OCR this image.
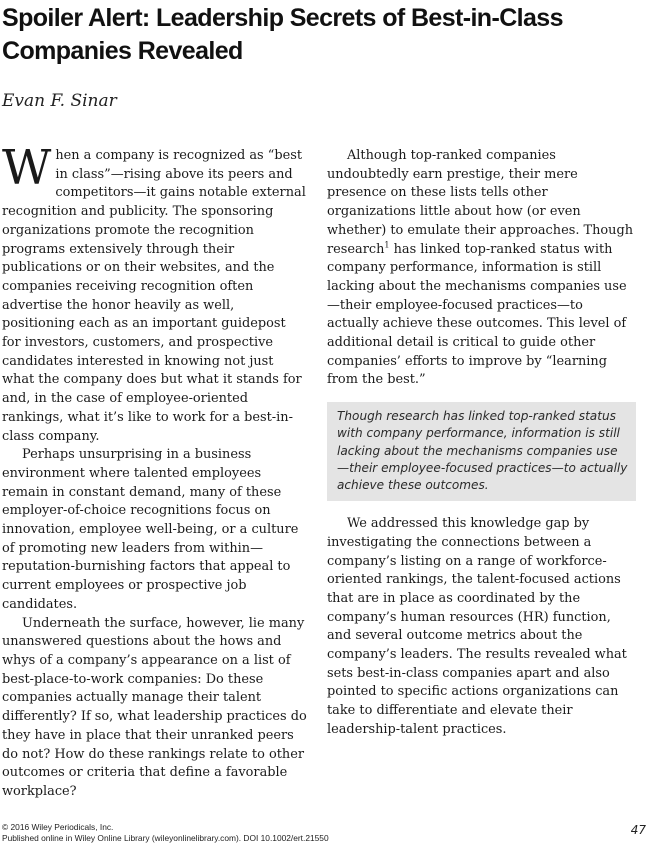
Spoiler Alert: Leadership Secrets of Best-in-Class
Companies Revealed
Evan F. Sinar

When a company is recognized as “best in class”—rising above its peers and competitors—it gains notable external recognition and publicity. The sponsoring organizations promote the recognition programs extensively through their publications or on their websites, and the companies receiving recognition often advertise the honor heavily as well, positioning each as an important guidepost for investors, customers, and prospective candidates interested in knowing not just what the company does but what it stands for and, in the case of employee-oriented rankings, what it’s like to work for a best-in-class company.

Perhaps unsurprising in a business environment where talented employees remain in constant demand, many of these employer-of-choice recognitions focus on innovation, employee well-being, or a culture of promoting new leaders from within—reputation-burnishing factors that appeal to current employees or prospective job candidates.

Underneath the surface, however, lie many unanswered questions about the hows and whys of a company’s appearance on a list of best-place-to-work companies: Do these companies actually manage their talent differently? If so, what leadership practices do they have in place that their unranked peers do not? How do these rankings relate to other outcomes or criteria that define a favorable workplace?

Although top-ranked companies undoubtedly earn prestige, their mere presence on these lists tells other organizations little about how (or even whether) to emulate their approaches. Though research$^1$ has linked top-ranked status with company performance, information is still lacking about the mechanisms companies use—their employee-focused practices—to actually achieve these outcomes. This level of additional detail is critical to guide other companies’ efforts to improve by “learning from the best.”

Though research has linked top-ranked status with company performance, information is still lacking about the mechanisms companies use—their employee-focused practices—to actually achieve these outcomes.

We addressed this knowledge gap by investigating the connections between a company’s listing on a range of workforce-oriented rankings, the talent-focused actions that are in place as coordinated by the company’s human resources (HR) function, and several outcome metrics about the company’s leaders. The results revealed what sets best-in-class companies apart and also pointed to specific actions organizations can take to differentiate and elevate their leadership-talent practices.

© 2016 Wiley Periodicals, Inc.
Published online in Wiley Online Library (wileyonlinelibrary.com). DOI 10.1002/ert.21550
47
